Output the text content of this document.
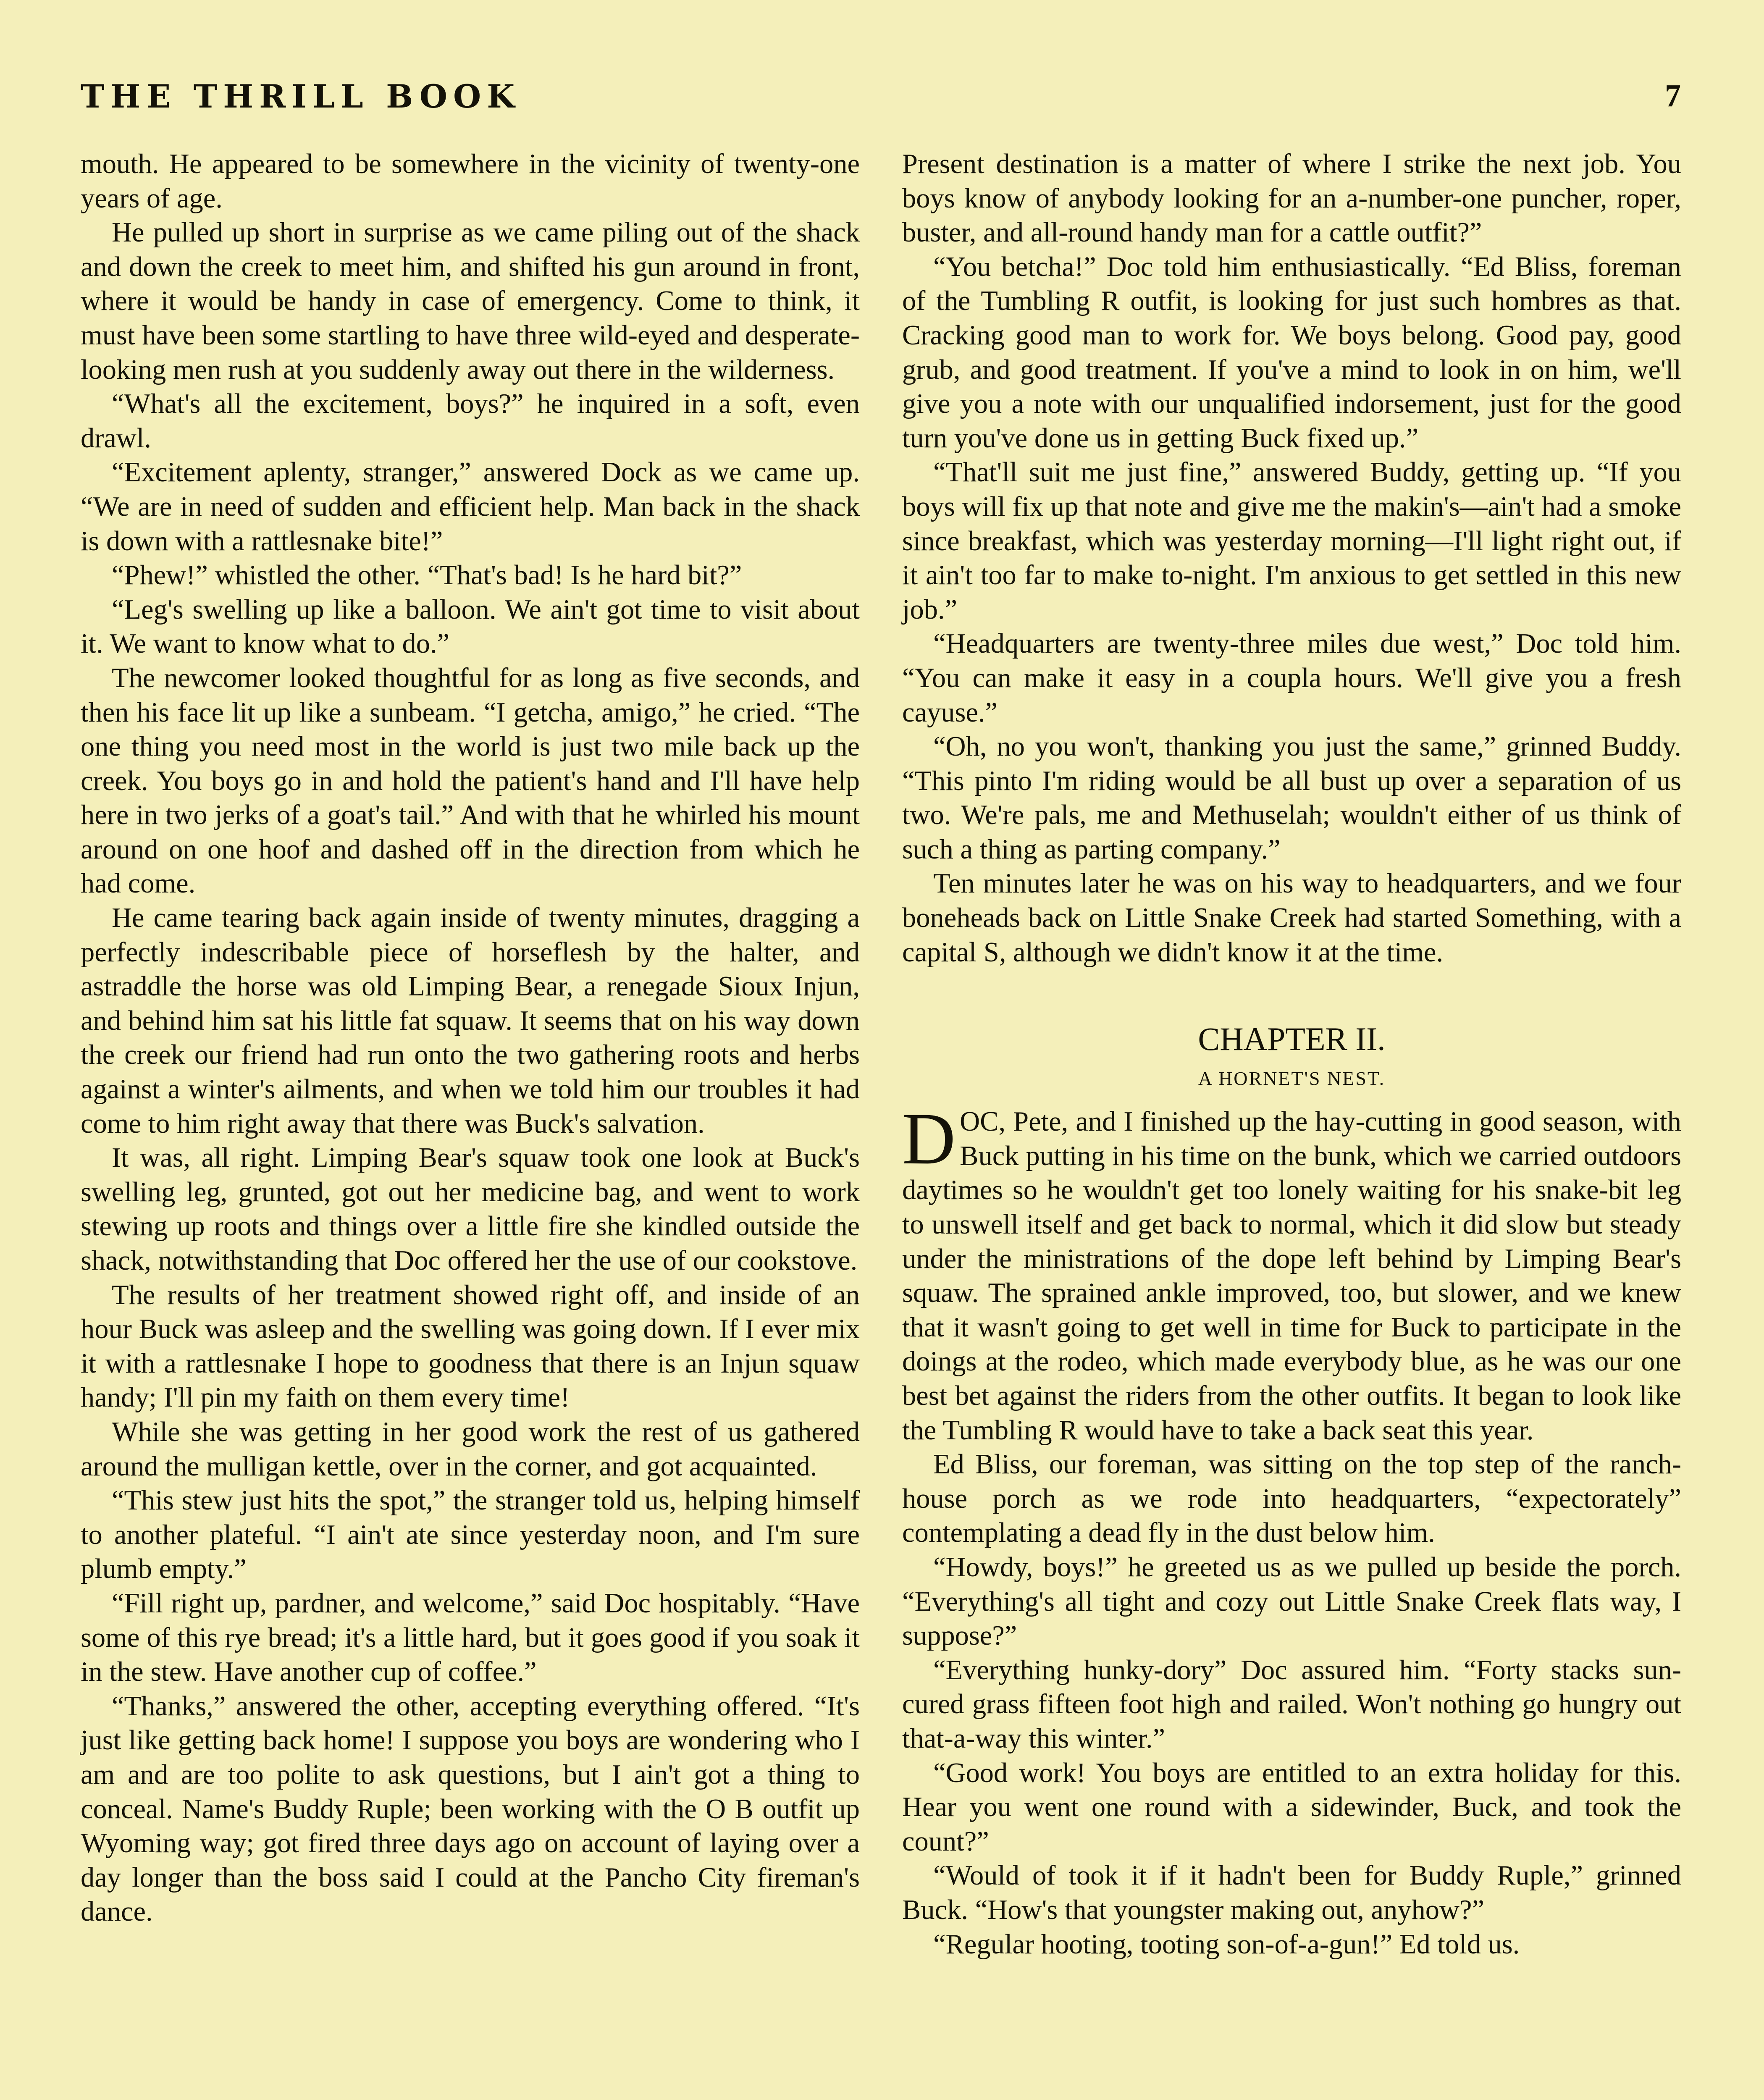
THE THRILL BOOK	7

mouth. He appeared to be somewhere in the vicinity of twenty-one years of age.

He pulled up short in surprise as we came piling out of the shack and down the creek to meet him, and shifted his gun around in front, where it would be handy in case of emergency. Come to think, it must have been some startling to have three wild-eyed and desperate-looking men rush at you suddenly away out there in the wilderness.

“What's all the excitement, boys?” he inquired in a soft, even drawl.

“Excitement aplenty, stranger,” answered Dock as we came up. “We are in need of sudden and efficient help. Man back in the shack is down with a rattlesnake bite!”

“Phew!” whistled the other. “That's bad! Is he hard bit?”

“Leg's swelling up like a balloon. We ain't got time to visit about it. We want to know what to do.”

The newcomer looked thoughtful for as long as five seconds, and then his face lit up like a sunbeam. “I getcha, amigo,” he cried. “The one thing you need most in the world is just two mile back up the creek. You boys go in and hold the patient's hand and I'll have help here in two jerks of a goat's tail.” And with that he whirled his mount around on one hoof and dashed off in the direction from which he had come.

He came tearing back again inside of twenty minutes, dragging a perfectly indescribable piece of horseflesh by the halter, and astraddle the horse was old Limping Bear, a renegade Sioux Injun, and behind him sat his little fat squaw. It seems that on his way down the creek our friend had run onto the two gathering roots and herbs against a winter's ailments, and when we told him our troubles it had come to him right away that there was Buck's salvation.

It was, all right. Limping Bear's squaw took one look at Buck's swelling leg, grunted, got out her medicine bag, and went to work stewing up roots and things over a little fire she kindled outside the shack, notwithstanding that Doc offered her the use of our cookstove.

The results of her treatment showed right off, and inside of an hour Buck was asleep and the swelling was going down. If I ever mix it with a rattlesnake I hope to goodness that there is an Injun squaw handy; I'll pin my faith on them every time!

While she was getting in her good work the rest of us gathered around the mulligan kettle, over in the corner, and got acquainted.

“This stew just hits the spot,” the stranger told us, helping himself to another plateful. “I ain't ate since yesterday noon, and I'm sure plumb empty.”

“Fill right up, pardner, and welcome,” said Doc hospitably. “Have some of this rye bread; it's a little hard, but it goes good if you soak it in the stew. Have another cup of coffee.”

“Thanks,” answered the other, accepting everything offered. “It's just like getting back home! I suppose you boys are wondering who I am and are too polite to ask questions, but I ain't got a thing to conceal. Name's Buddy Ruple; been working with the O B outfit up Wyoming way; got fired three days ago on account of laying over a day longer than the boss said I could at the Pancho City fireman's dance.

Present destination is a matter of where I strike the next job. You boys know of anybody looking for an a-number-one puncher, roper, buster, and all-round handy man for a cattle outfit?”

“You betcha!” Doc told him enthusiastically. “Ed Bliss, foreman of the Tumbling R outfit, is looking for just such hombres as that. Cracking good man to work for. We boys belong. Good pay, good grub, and good treatment. If you've a mind to look in on him, we'll give you a note with our unqualified indorsement, just for the good turn you've done us in getting Buck fixed up.”

“That'll suit me just fine,” answered Buddy, getting up. “If you boys will fix up that note and give me the makin's—ain't had a smoke since breakfast, which was yesterday morning—I'll light right out, if it ain't too far to make to-night. I'm anxious to get settled in this new job.”

“Headquarters are twenty-three miles due west,” Doc told him. “You can make it easy in a coupla hours. We'll give you a fresh cayuse.”

“Oh, no you won't, thanking you just the same,” grinned Buddy. “This pinto I'm riding would be all bust up over a separation of us two. We're pals, me and Methuselah; wouldn't either of us think of such a thing as parting company.”

Ten minutes later he was on his way to headquarters, and we four boneheads back on Little Snake Creek had started Something, with a capital S, although we didn't know it at the time.

CHAPTER II.
A HORNET'S NEST.

DOC, Pete, and I finished up the hay-cutting in good season, with Buck putting in his time on the bunk, which we carried outdoors daytimes so he wouldn't get too lonely waiting for his snake-bit leg to unswell itself and get back to normal, which it did slow but steady under the ministrations of the dope left behind by Limping Bear's squaw. The sprained ankle improved, too, but slower, and we knew that it wasn't going to get well in time for Buck to participate in the doings at the rodeo, which made everybody blue, as he was our one best bet against the riders from the other outfits. It began to look like the Tumbling R would have to take a back seat this year.

Ed Bliss, our foreman, was sitting on the top step of the ranch-house porch as we rode into headquarters, “expectorately” contemplating a dead fly in the dust below him.

“Howdy, boys!” he greeted us as we pulled up beside the porch. “Everything's all tight and cozy out Little Snake Creek flats way, I suppose?”

“Everything hunky-dory” Doc assured him. “Forty stacks sun-cured grass fifteen foot high and railed. Won't nothing go hungry out that-a-way this winter.”

“Good work! You boys are entitled to an extra holiday for this. Hear you went one round with a sidewinder, Buck, and took the count?”

“Would of took it if it hadn't been for Buddy Ruple,” grinned Buck. “How's that youngster making out, anyhow?”

“Regular hooting, tooting son-of-a-gun!” Ed told us.
